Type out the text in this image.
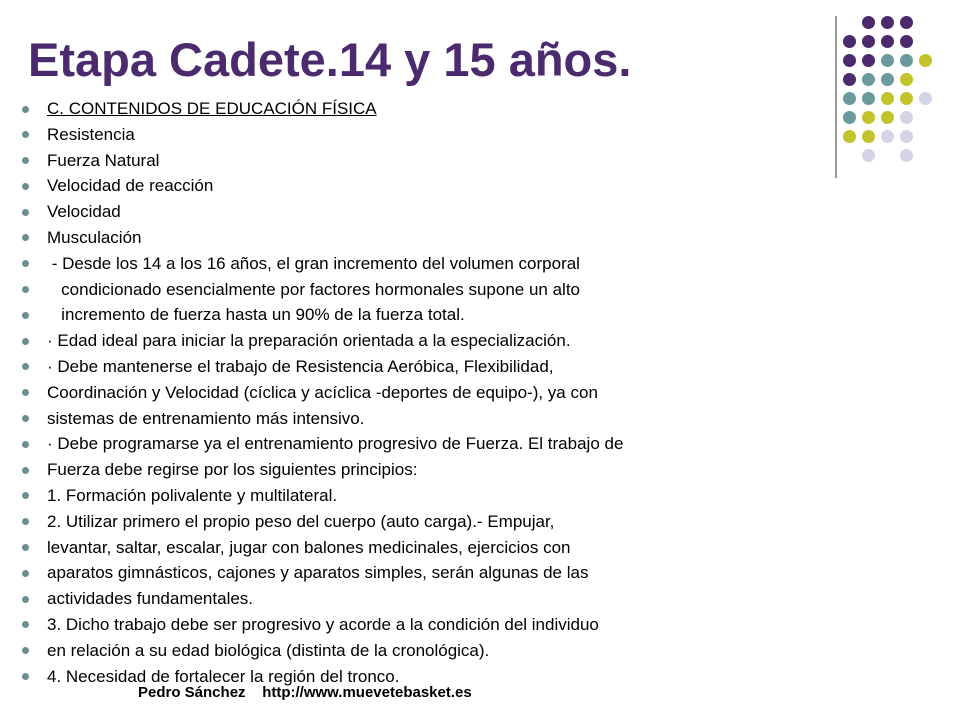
Etapa Cadete.14 y 15 años.
C. CONTENIDOS DE EDUCACIÓN FÍSICA
Resistencia
Fuerza Natural
Velocidad de reacción
Velocidad
Musculación
- Desde los 14 a los 16 años, el gran incremento del volumen corporal
condicionado esencialmente por factores hormonales supone un alto
incremento de fuerza hasta un 90% de la fuerza total.
· Edad ideal para iniciar la preparación orientada a la especialización.
· Debe mantenerse el trabajo de Resistencia Aeróbica, Flexibilidad,
Coordinación y Velocidad (cíclica y acíclica -deportes de equipo-), ya con
sistemas de entrenamiento más intensivo.
· Debe programarse ya el entrenamiento progresivo de Fuerza. El trabajo de
Fuerza debe regirse por los siguientes principios:
1. Formación polivalente y multilateral.
2. Utilizar primero el propio peso del cuerpo (auto carga).- Empujar,
levantar, saltar, escalar, jugar con balones medicinales, ejercicios con
aparatos gimnásticos, cajones y aparatos simples, serán algunas de las
actividades fundamentales.
3. Dicho trabajo debe ser progresivo y acorde a la condición del individuo
en relación a su edad biológica (distinta de la cronológica).
4. Necesidad de fortalecer la región del tronco.
Pedro Sánchez    http://www.muevetebasket.es
